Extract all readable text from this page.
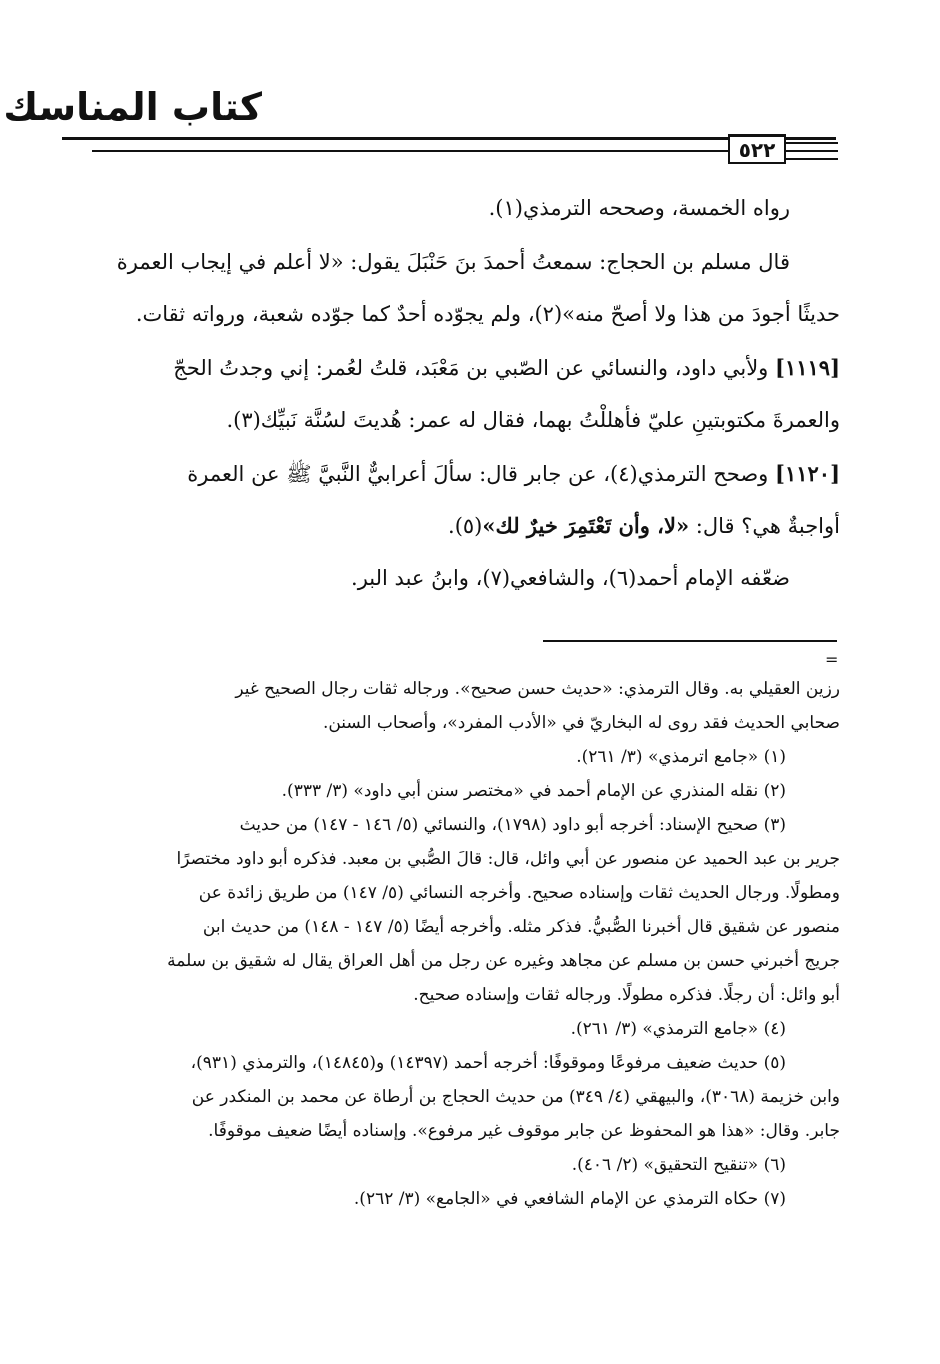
كتاب المناسك
٥٢٢
رواه الخمسة، وصححه الترمذي(١).
قال مسلم بن الحجاج: سمعتُ أحمدَ بنَ حَنْبَلَ يقول: «لا أعلم في إيجاب العمرة
حديثًا أجودَ من هذا ولا أصحّ منه»(٢)، ولم يجوّده أحدٌ كما جوّده شعبة، ورواته ثقات.
[١١١٩] ولأبي داود، والنسائي عن الصّبي بن مَعْبَد، قلتُ لعُمر: إني وجدتُ الحجّ
والعمرةَ مكتوبتينِ عليّ فأهللْتُ بهما، فقال له عمر: هُديتَ لسُنَّة نَبيِّك(٣).
[١١٢٠] وصحح الترمذي(٤)، عن جابر قال: سألَ أعرابيٌّ النَّبيَّ ﷺ عن العمرة
أواجبةٌ هي؟ قال: «لا، وأن تَعْتَمِرَ خيرٌ لك»(٥).
ضعّفه الإمام أحمد(٦)، والشافعي(٧)، وابنُ عبد البر.
=
رزين العقيلي به. وقال الترمذي: «حديث حسن صحيح». ورجاله ثقات رجال الصحيح غير
صحابي الحديث فقد روى له البخاريّ في «الأدب المفرد»، وأصحاب السنن.
(١) «جامع اترمذي» (٣/ ٢٦١).
(٢) نقله المنذري عن الإمام أحمد في «مختصر سنن أبي داود» (٣/ ٣٣٣).
(٣) صحيح الإسناد: أخرجه أبو داود (١٧٩٨)، والنسائي (٥/ ١٤٦ - ١٤٧) من حديث
جرير بن عبد الحميد عن منصور عن أبي وائل، قال: قالَ الصُّبي بن معبد. فذكره أبو داود مختصرًا
ومطولًا. ورجال الحديث ثقات وإسناده صحيح. وأخرجه النسائي (٥/ ١٤٧) من طريق زائدة عن
منصور عن شقيق قال أخبرنا الصُّبيُّ. فذكر مثله. وأخرجه أيضًا (٥/ ١٤٧ - ١٤٨) من حديث ابن
جريج أخبرني حسن بن مسلم عن مجاهد وغيره عن رجل من أهل العراق يقال له شقيق بن سلمة
أبو وائل: أن رجلًا. فذكره مطولًا. ورجاله ثقات وإسناده صحيح.
(٤) «جامع الترمذي» (٣/ ٢٦١).
(٥) حديث ضعيف مرفوعًا وموقوفًا: أخرجه أحمد (١٤٣٩٧) و(١٤٨٤٥)، والترمذي (٩٣١)،
وابن خزيمة (٣٠٦٨)، والبيهقي (٤/ ٣٤٩) من حديث الحجاج بن أرطاة عن محمد بن المنكدر عن
جابر. وقال: «هذا هو المحفوظ عن جابر موقوف غير مرفوع». وإسناده أيضًا ضعيف موقوفًا.
(٦) «تنقيح التحقيق» (٢/ ٤٠٦).
(٧) حكاه الترمذي عن الإمام الشافعي في «الجامع» (٣/ ٢٦٢).
